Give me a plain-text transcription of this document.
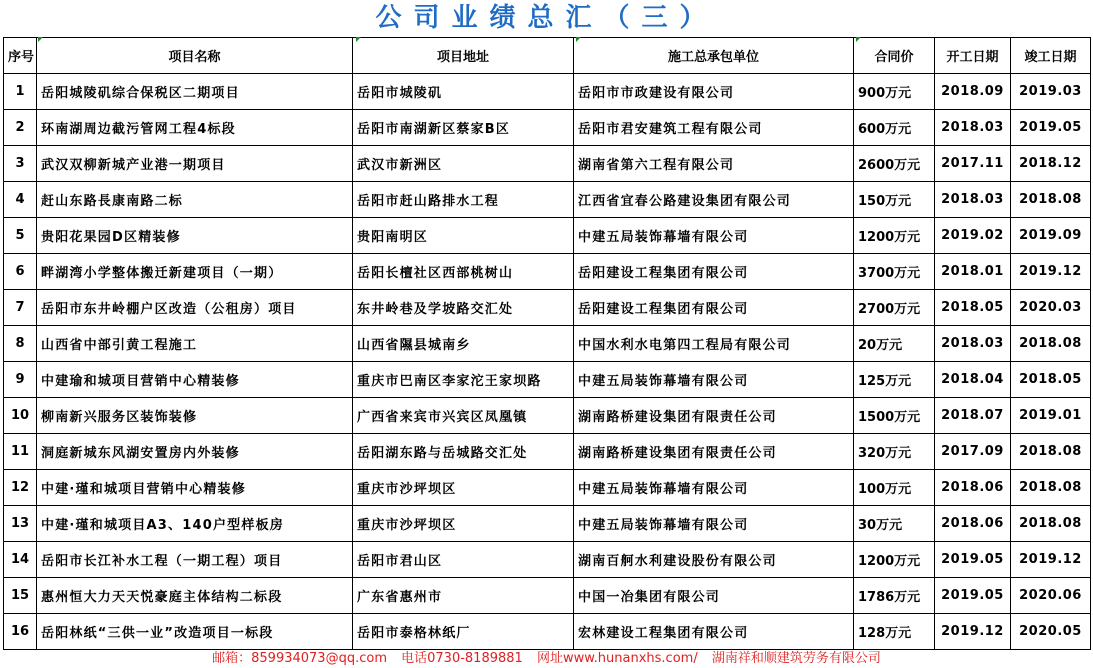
公司业绩总汇（三）
序号	项目名称	项目地址	施工总承包单位	合同价	开工日期	竣工日期
1	岳阳城陵矶综合保税区二期项目	岳阳市城陵矶	岳阳市市政建设有限公司	900万元	2018.09	2019.03
2	环南湖周边截污管网工程4标段	岳阳市南湖新区蔡家B区	岳阳市君安建筑工程有限公司	600万元	2018.03	2019.05
3	武汉双柳新城产业港一期项目	武汉市新洲区	湖南省第六工程有限公司	2600万元	2017.11	2018.12
4	赶山东路長康南路二标	岳阳市赶山路排水工程	江西省宜春公路建设集团有限公司	150万元	2018.03	2018.08
5	贵阳花果园D区精装修	贵阳南明区	中建五局装饰幕墙有限公司	1200万元	2019.02	2019.09
6	畔湖湾小学整体搬迁新建项目（一期）	岳阳长檀社区西部桃树山	岳阳建设工程集团有限公司	3700万元	2018.01	2019.12
7	岳阳市东井岭棚户区改造（公租房）项目	东井岭巷及学坡路交汇处	岳阳建设工程集团有限公司	2700万元	2018.05	2020.03
8	山西省中部引黄工程施工	山西省隰县城南乡	中国水利水电第四工程局有限公司	20万元	2018.03	2018.08
9	中建瑜和城项目营销中心精装修	重庆市巴南区李家沱王家坝路	中建五局装饰幕墙有限公司	125万元	2018.04	2018.05
10	柳南新兴服务区装饰装修	广西省来宾市兴宾区凤凰镇	湖南路桥建设集团有限责任公司	1500万元	2018.07	2019.01
11	洞庭新城东风湖安置房内外装修	岳阳湖东路与岳城路交汇处	湖南路桥建设集团有限责任公司	320万元	2017.09	2018.08
12	中建·瑾和城项目营销中心精装修	重庆市沙坪坝区	中建五局装饰幕墙有限公司	100万元	2018.06	2018.08
13	中建·瑾和城项目A3、140户型样板房	重庆市沙坪坝区	中建五局装饰幕墙有限公司	30万元	2018.06	2018.08
14	岳阳市长江补水工程（一期工程）项目	岳阳市君山区	湖南百舸水利建设股份有限公司	1200万元	2019.05	2019.12
15	惠州恒大力天天悦豪庭主体结构二标段	广东省惠州市	中国一冶集团有限公司	1786万元	2019.05	2020.06
16	岳阳林纸“三供一业”改造项目一标段	岳阳市泰格林纸厂	宏林建设工程集团有限公司	128万元	2019.12	2020.05
邮箱：859934073@qq.com 电话0730-8189881 网址www.hunanxhs.com/ 湖南祥和顺建筑劳务有限公司
